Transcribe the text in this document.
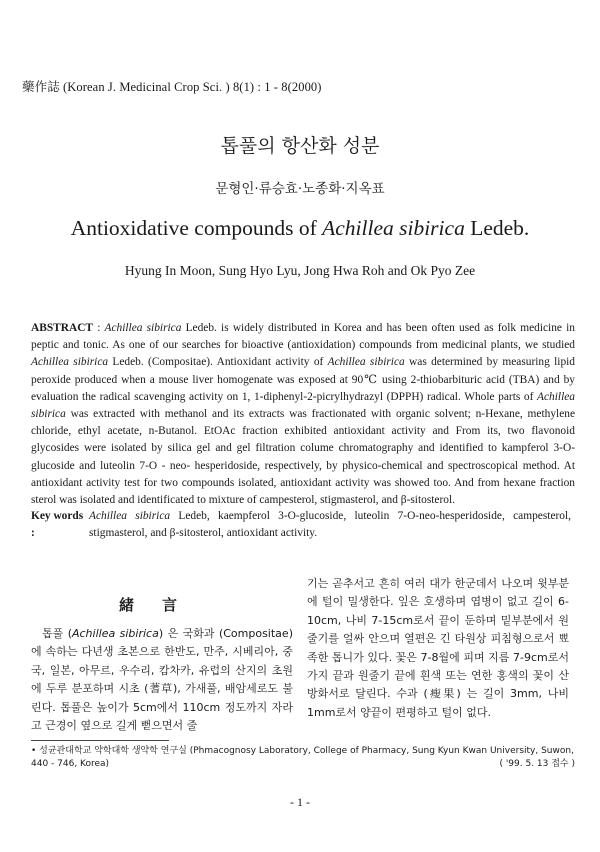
藥作誌 (Korean J. Medicinal Crop Sci. ) 8(1) : 1 - 8(2000)
톱풀의 항산화 성분
문형인·류승효·노종화·지옥표
Antioxidative compounds of Achillea sibirica Ledeb.
Hyung In Moon, Sung Hyo Lyu, Jong Hwa Roh and Ok Pyo Zee
ABSTRACT : Achillea sibirica Ledeb. is widely distributed in Korea and has been often used as folk medicine in peptic and tonic. As one of our searches for bioactive (antioxidation) compounds from medicinal plants, we studied Achillea sibirica Ledeb. (Compositae). Antioxidant activity of Achillea sibirica was determined by measuring lipid peroxide produced when a mouse liver homogenate was exposed at 90℃ using 2-thiobarbituric acid (TBA) and by evaluation the radical scavenging activity on 1, 1-diphenyl-2-picrylhydrazyl (DPPH) radical. Whole parts of Achillea sibirica was extracted with methanol and its extracts was fractionated with organic solvent; n-Hexane, methylene chloride, ethyl acetate, n-Butanol. EtOAc fraction exhibited antioxidant activity and From its, two flavonoid glycosides were isolated by silica gel and gel filtration colume chromatography and identified to kampferol 3-O-glucoside and luteolin 7-O - neo- hesperidoside, respectively, by physico-chemical and spectroscopical method. At antioxidant activity test for two compounds isolated, antioxidant activity was showed too. And from hexane fraction sterol was isolated and identificated to mixture of campesterol, stigmasterol, and β-sitosterol.
Key words :Achillea sibirica Ledeb, kaempferol 3-O-glucoside, luteolin 7-O-neo-hesperidoside, campesterol, stigmasterol, and β-sitosterol, antioxidant activity.
緒言
톱풀 (Achillea sibirica) 은 국화과 (Compositae) 에 속하는 다년생 초본으로 한반도, 만주, 시베리아, 중국, 일본, 아무르, 우수리, 캄차카, 유럽의 산지의 초원에 두루 분포하며 시초 (蓍草), 가새풀, 배암세로도 불린다. 톱풀은 높이가 5cm에서 110cm 정도까지 자라고 근경이 옆으로 길게 뻗으면서 줄
기는 곧추서고 흔히 여러 대가 한군데서 나오며 윗부분에 털이 밀생한다. 잎은 호생하며 엽병이 없고 길이 6-10cm, 나비 7-15cm로서 끝이 둔하며 밑부분에서 원줄기를 얼싸 안으며 열편은 긴 타원상 피침형으로서 뾰족한 톱니가 있다. 꽃은 7-8월에 피며 지름 7-9cm로서 가지 끝과 원줄기 끝에 흰색 또는 연한 홍색의 꽃이 산방화서로 달린다. 수과 (瘦果) 는 길이 3mm, 나비 1mm로서 양끝이 편평하고 털이 없다.
• 성균관대학교 약학대학 생약학 연구실 (Phmacognosy Laboratory, College of Pharmacy, Sung Kyun Kwan University, Suwon, 440 - 746, Korea)	( '99. 5. 13 접수 )
- 1 -
